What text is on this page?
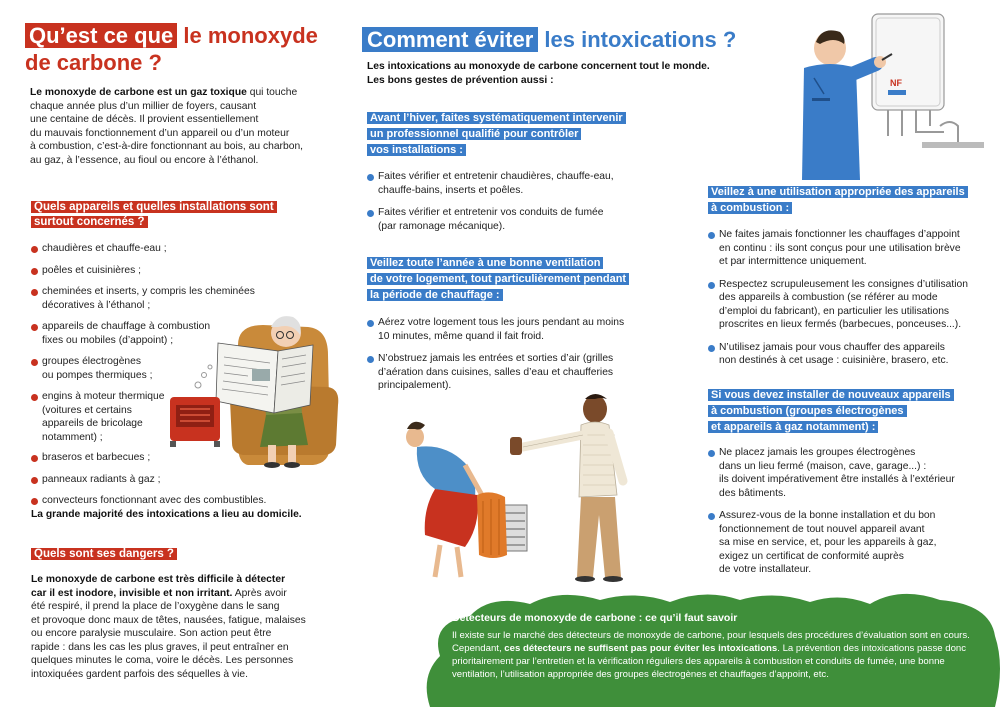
Qu’est ce que le monoxyde
de carbone ?
Le monoxyde de carbone est un gaz toxique qui touche
chaque année plus d’un millier de foyers, causant
une centaine de décès. Il provient essentiellement
du mauvais fonctionnement d’un appareil ou d’un moteur
à combustion, c’est-à-dire fonctionnant au bois, au charbon,
au gaz, à l’essence, au fioul ou encore à l’éthanol.
Quels appareils et quelles installations sont
surtout concernés ?
chaudières et chauffe-eau ;
poêles et cuisinières ;
cheminées et inserts, y compris les cheminées
décoratives à l’éthanol ;
appareils de chauffage à combustion
fixes ou mobiles (d’appoint) ;
groupes électrogènes
ou pompes thermiques ;
engins à moteur thermique
(voitures et certains
appareils de bricolage
notamment) ;
braseros et barbecues ;
panneaux radiants à gaz ;
convecteurs fonctionnant avec des combustibles.
La grande majorité des intoxications a lieu au domicile.
Quels sont ses dangers ?
Le monoxyde de carbone est très difficile à détecter
car il est inodore, invisible et non irritant. Après avoir
été respiré, il prend la place de l’oxygène dans le sang
et provoque donc maux de têtes, nausées, fatigue, malaises
ou encore paralysie musculaire. Son action peut être
rapide : dans les cas les plus graves, il peut entraîner en
quelques minutes le coma, voire le décès. Les personnes
intoxiquées gardent parfois des séquelles à vie.
Comment éviter les intoxications ?
Les intoxications au monoxyde de carbone concernent tout le monde.
Les bons gestes de prévention aussi :
Avant l’hiver, faites systématiquement intervenir
un professionnel qualifié pour contrôler
vos installations :
Faites vérifier et entretenir chaudières, chauffe-eau,
chauffe-bains, inserts et poêles.
Faites vérifier et entretenir vos conduits de fumée
(par ramonage mécanique).
Veillez toute l’année à une bonne ventilation
de votre logement, tout particulièrement pendant
la période de chauffage :
Aérez votre logement tous les jours pendant au moins
10 minutes, même quand il fait froid.
N’obstruez jamais les entrées et sorties d’air (grilles
d’aération dans cuisines, salles d’eau et chaufferies
principalement).
NF
Veillez à une utilisation appropriée des appareils
à combustion :
Ne faites jamais fonctionner les chauffages d’appoint
en continu : ils sont conçus pour une utilisation brève
et par intermittence uniquement.
Respectez scrupuleusement les consignes d’utilisation
des appareils à combustion (se référer au mode
d’emploi du fabricant), en particulier les utilisations
proscrites en lieux fermés (barbecues, ponceuses...).
N’utilisez jamais pour vous chauffer des appareils
non destinés à cet usage : cuisinière, brasero, etc.
Si vous devez installer de nouveaux appareils
à combustion (groupes électrogènes
et appareils à gaz notamment) :
Ne placez jamais les groupes électrogènes
dans un lieu fermé (maison, cave, garage...) :
ils doivent impérativement être installés à l’extérieur
des bâtiments.
Assurez-vous de la bonne installation et du bon
fonctionnement de tout nouvel appareil avant
sa mise en service, et, pour les appareils à gaz,
exigez un certificat de conformité auprès
de votre installateur.
Détecteurs de monoxyde de carbone : ce qu’il faut savoir
Il existe sur le marché des détecteurs de monoxyde de carbone, pour lesquels des procédures d’évaluation sont en cours.
Cependant, ces détecteurs ne suffisent pas pour éviter les intoxications. La prévention des intoxications passe donc
prioritairement par l’entretien et la vérification réguliers des appareils à combustion et conduits de fumée, une bonne
ventilation, l’utilisation appropriée des groupes électrogènes et chauffages d’appoint, etc.
